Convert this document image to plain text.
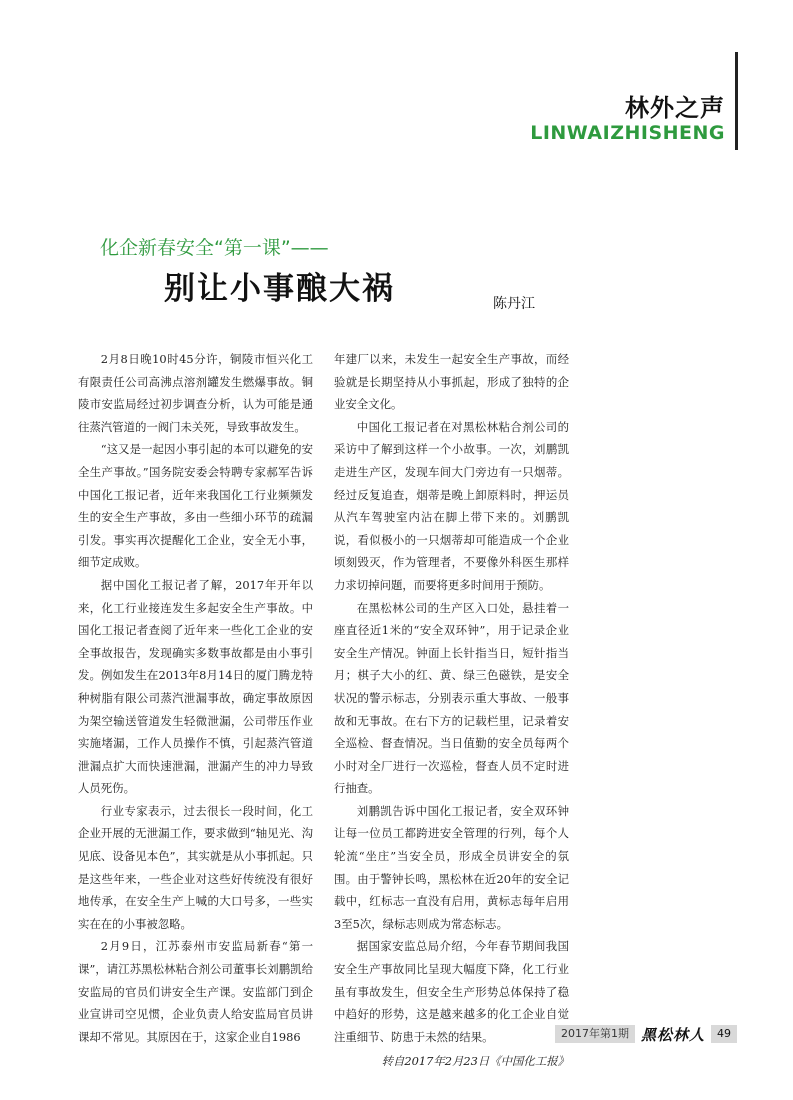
林外之声
LINWAIZHISHENG
化企新春安全“第一课”——
别让小事酿大祸	陈丹江

2月8日晚10时45分许，铜陵市恒兴化工有限责任公司高沸点溶剂罐发生燃爆事故。铜陵市安监局经过初步调查分析，认为可能是通往蒸汽管道的一阀门未关死，导致事故发生。

“这又是一起因小事引起的本可以避免的安全生产事故。”国务院安委会特聘专家郝军告诉中国化工报记者，近年来我国化工行业频频发生的安全生产事故，多由一些细小环节的疏漏引发。事实再次提醒化工企业，安全无小事，细节定成败。

据中国化工报记者了解，2017年开年以来，化工行业接连发生多起安全生产事故。中国化工报记者查阅了近年来一些化工企业的安全事故报告，发现确实多数事故都是由小事引发。例如发生在2013年8月14日的厦门腾龙特种树脂有限公司蒸汽泄漏事故，确定事故原因为架空输送管道发生轻微泄漏，公司带压作业实施堵漏，工作人员操作不慎，引起蒸汽管道泄漏点扩大而快速泄漏，泄漏产生的冲力导致人员死伤。

行业专家表示，过去很长一段时间，化工企业开展的无泄漏工作，要求做到“轴见光、沟见底、设备见本色”，其实就是从小事抓起。只是这些年来，一些企业对这些好传统没有很好地传承，在安全生产上喊的大口号多，一些实实在在的小事被忽略。

2月9日，江苏泰州市安监局新春“第一课”，请江苏黑松林粘合剂公司董事长刘鹏凯给安监局的官员们讲安全生产课。安监部门到企业宣讲司空见惯，企业负责人给安监局官员讲课却不常见。其原因在于，这家企业自1986

年建厂以来，未发生一起安全生产事故，而经验就是长期坚持从小事抓起，形成了独特的企业安全文化。

中国化工报记者在对黑松林粘合剂公司的采访中了解到这样一个小故事。一次，刘鹏凯走进生产区，发现车间大门旁边有一只烟蒂。经过反复追查，烟蒂是晚上卸原料时，押运员从汽车驾驶室内沾在脚上带下来的。刘鹏凯说，看似极小的一只烟蒂却可能造成一个企业顷刻毁灭，作为管理者，不要像外科医生那样力求切掉问题，而要将更多时间用于预防。

在黑松林公司的生产区入口处，悬挂着一座直径近1米的“安全双环钟”，用于记录企业安全生产情况。钟面上长针指当日，短针指当月；棋子大小的红、黄、绿三色磁铁，是安全状况的警示标志，分别表示重大事故、一般事故和无事故。在右下方的记载栏里，记录着安全巡检、督查情况。当日值勤的安全员每两个小时对全厂进行一次巡检，督查人员不定时进行抽查。

刘鹏凯告诉中国化工报记者，安全双环钟让每一位员工都跨进安全管理的行列，每个人轮流“坐庄”当安全员，形成全员讲安全的氛围。由于警钟长鸣，黑松林在近20年的安全记载中，红标志一直没有启用，黄标志每年启用3至5次，绿标志则成为常态标志。

据国家安监总局介绍，今年春节期间我国安全生产事故同比呈现大幅度下降，化工行业虽有事故发生，但安全生产形势总体保持了稳中趋好的形势，这是越来越多的化工企业自觉注重细节、防患于未然的结果。

转自2017年2月23日《中国化工报》

2017年第1期 黑松林人	49
